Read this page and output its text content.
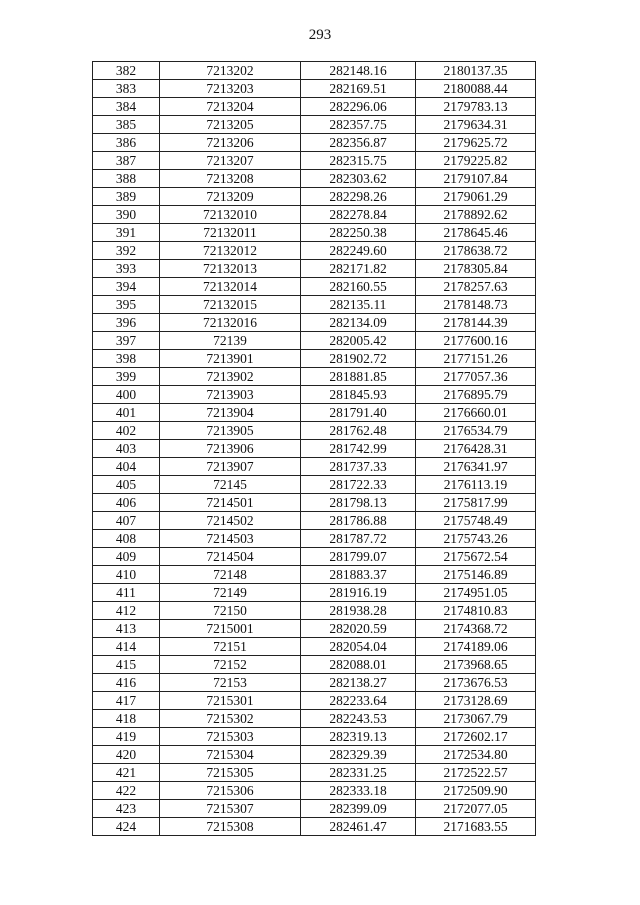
293
382	7213202	282148.16	2180137.35
383	7213203	282169.51	2180088.44
384	7213204	282296.06	2179783.13
385	7213205	282357.75	2179634.31
386	7213206	282356.87	2179625.72
387	7213207	282315.75	2179225.82
388	7213208	282303.62	2179107.84
389	7213209	282298.26	2179061.29
390	72132010	282278.84	2178892.62
391	72132011	282250.38	2178645.46
392	72132012	282249.60	2178638.72
393	72132013	282171.82	2178305.84
394	72132014	282160.55	2178257.63
395	72132015	282135.11	2178148.73
396	72132016	282134.09	2178144.39
397	72139	282005.42	2177600.16
398	7213901	281902.72	2177151.26
399	7213902	281881.85	2177057.36
400	7213903	281845.93	2176895.79
401	7213904	281791.40	2176660.01
402	7213905	281762.48	2176534.79
403	7213906	281742.99	2176428.31
404	7213907	281737.33	2176341.97
405	72145	281722.33	2176113.19
406	7214501	281798.13	2175817.99
407	7214502	281786.88	2175748.49
408	7214503	281787.72	2175743.26
409	7214504	281799.07	2175672.54
410	72148	281883.37	2175146.89
411	72149	281916.19	2174951.05
412	72150	281938.28	2174810.83
413	7215001	282020.59	2174368.72
414	72151	282054.04	2174189.06
415	72152	282088.01	2173968.65
416	72153	282138.27	2173676.53
417	7215301	282233.64	2173128.69
418	7215302	282243.53	2173067.79
419	7215303	282319.13	2172602.17
420	7215304	282329.39	2172534.80
421	7215305	282331.25	2172522.57
422	7215306	282333.18	2172509.90
423	7215307	282399.09	2172077.05
424	7215308	282461.47	2171683.55
